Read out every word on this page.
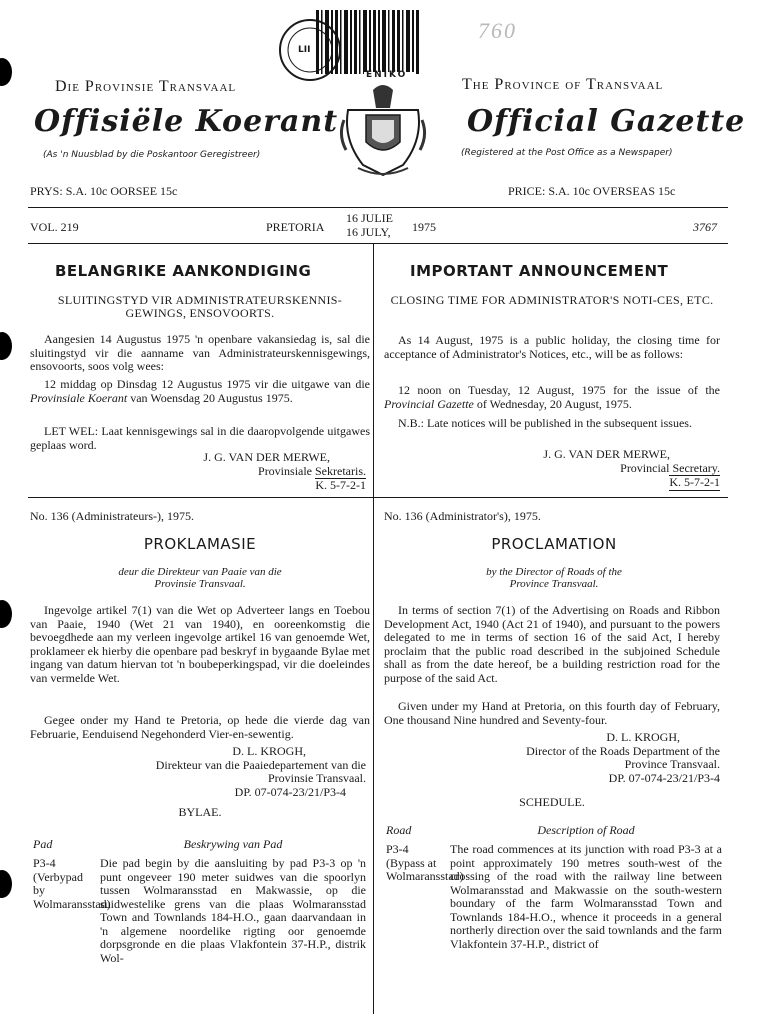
760
ENIKO
LII
Die Provinsie Transvaal
Offisiële Koerant
(As 'n Nuusblad by die Poskantoor Geregistreer)
The Province of Transvaal
Official Gazette
(Registered at the Post Office as a Newspaper)
PRYS: S.A. 10c OORSEE 15c	PRICE: S.A. 10c OVERSEAS 15c
VOL. 219	PRETORIA
16 JULIE
16 JULY, 1975	3767
BELANGRIKE AANKONDIGING
SLUITINGSTYD VIR ADMINISTRATEURSKENNIS-GEWINGS, ENSOVOORTS.

Aangesien 14 Augustus 1975 'n openbare vakansiedag is, sal die sluitingstyd vir die aanname van Administrateurskennisgewings, ensovoorts, soos volg wees:

12 middag op Dinsdag 12 Augustus 1975 vir die uitgawe van die Provinsiale Koerant van Woensdag 20 Augustus 1975.

LET WEL: Laat kennisgewings sal in die daaropvolgende uitgawes geplaas word.

J. G. VAN DER MERWE,
Provinsiale Sekretaris.
K. 5-7-2-1
IMPORTANT ANNOUNCEMENT
CLOSING TIME FOR ADMINISTRATOR'S NOTI-CES, ETC.

As 14 August, 1975 is a public holiday, the closing time for acceptance of Administrator's Notices, etc., will be as follows:

12 noon on Tuesday, 12 August, 1975 for the issue of the Provincial Gazette of Wednesday, 20 August, 1975.

N.B.: Late notices will be published in the subsequent issues.

J. G. VAN DER MERWE,
Provincial Secretary.
K. 5-7-2-1
No. 136 (Administrateurs-), 1975.
PROKLAMASIE
deur die Direkteur van Paaie van die
Provinsie Transvaal.

Ingevolge artikel 7(1) van die Wet op Adverteer langs en Toebou van Paaie, 1940 (Wet 21 van 1940), en ooreenkomstig die bevoegdhede aan my verleen ingevolge artikel 16 van genoemde Wet, proklameer ek hierby die openbare pad beskryf in bygaande Bylae met ingang van datum hiervan tot 'n boubeperkingspad, vir die doeleindes van vermelde Wet.

Gegee onder my Hand te Pretoria, op hede die vierde dag van Februarie, Eenduisend Negehonderd Vier-en-sewentig.

D. L. KROGH,
Direkteur van die Paaiedepartement van die
Provinsie Transvaal.
DP. 07-074-23/21/P3-4
BYLAE.
Pad	Beskrywing van Pad
P3-4 (Verbypad by Wolmaransstad)

Die pad begin by die aansluiting by pad P3-3 op 'n punt ongeveer 190 meter suidwes van die spoorlyn tussen Wolmaransstad en Makwassie, op die suidwestelike grens van die plaas Wolmaransstad Town and Townlands 184-H.O., gaan daarvandaan in 'n algemene noordelike rigting oor genoemde dorpsgronde en die plaas Vlakfontein 37-H.P., distrik Wol-

No. 136 (Administrator's), 1975.
PROCLAMATION
by the Director of Roads of the
Province Transvaal.

In terms of section 7(1) of the Advertising on Roads and Ribbon Development Act, 1940 (Act 21 of 1940), and pursuant to the powers delegated to me in terms of section 16 of the said Act, I hereby proclaim that the public road described in the subjoined Schedule shall as from the date hereof, be a building restriction road for the purpose of the said Act.

Given under my Hand at Pretoria, on this fourth day of February, One thousand Nine hundred and Seventy-four.

D. L. KROGH,
Director of the Roads Department of the
Province Transvaal.
DP. 07-074-23/21/P3-4
SCHEDULE.
Road	Description of Road
P3-4 (Bypass at Wolmaransstad)

The road commences at its junction with road P3-3 at a point approximately 190 metres south-west of the crossing of the road with the railway line between Wolmaransstad and Makwassie on the south-western boundary of the farm Wolmaransstad Town and Townlands 184-H.O., whence it proceeds in a general northerly direction over the said townlands and the farm Vlakfontein 37-H.P., district of
